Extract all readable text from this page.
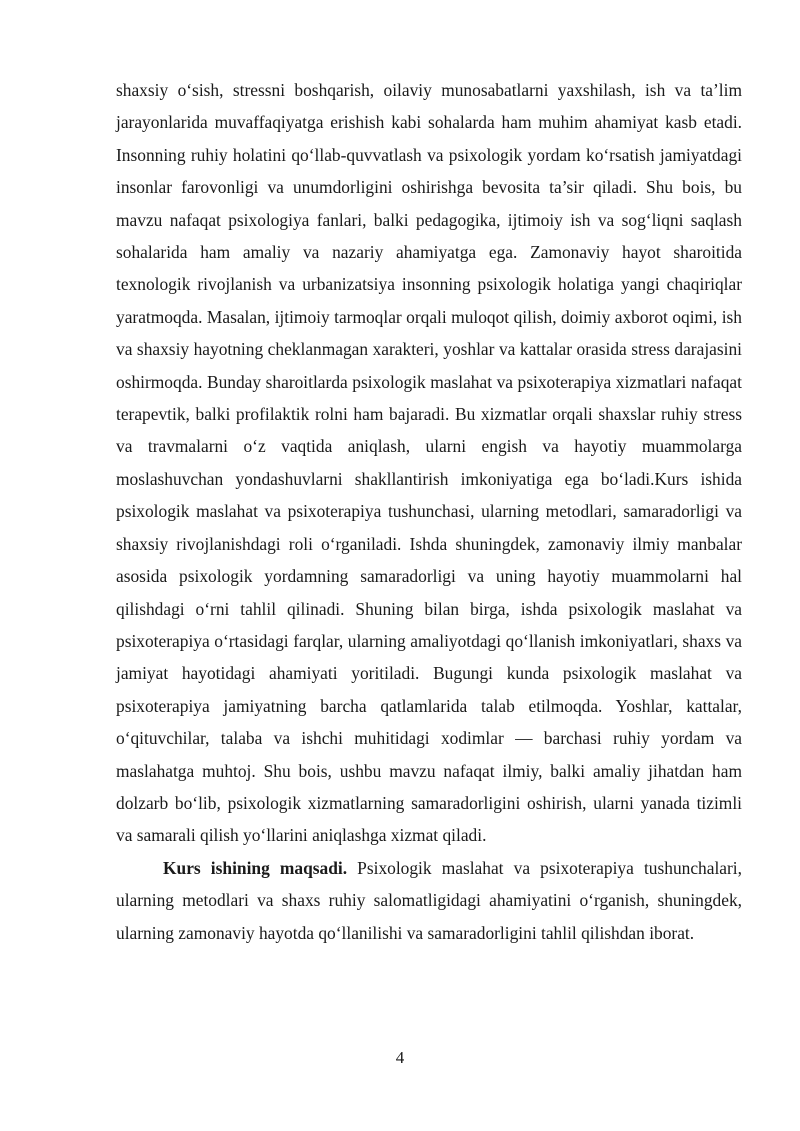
shaxsiy o‘sish, stressni boshqarish, oilaviy munosabatlarni yaxshilash, ish va ta’lim jarayonlarida muvaffaqiyatga erishish kabi sohalarda ham muhim ahamiyat kasb etadi. Insonning ruhiy holatini qo‘llab-quvvatlash va psixologik yordam ko‘rsatish jamiyatdagi insonlar farovonligi va unumdorligini oshirishga bevosita ta’sir qiladi. Shu bois, bu mavzu nafaqat psixologiya fanlari, balki pedagogika, ijtimoiy ish va sog‘liqni saqlash sohalarida ham amaliy va nazariy ahamiyatga ega. Zamonaviy hayot sharoitida texnologik rivojlanish va urbanizatsiya insonning psixologik holatiga yangi chaqiriqlar yaratmoqda. Masalan, ijtimoiy tarmoqlar orqali muloqot qilish, doimiy axborot oqimi, ish va shaxsiy hayotning cheklanmagan xarakteri, yoshlar va kattalar orasida stress darajasini oshirmoqda. Bunday sharoitlarda psixologik maslahat va psixoterapiya xizmatlari nafaqat terapevtik, balki profilaktik rolni ham bajaradi. Bu xizmatlar orqali shaxslar ruhiy stress va travmalarni o‘z vaqtida aniqlash, ularni engish va hayotiy muammolarga moslashuvchan yondashuvlarni shakllantirish imkoniyatiga ega bo‘ladi.Kurs ishida psixologik maslahat va psixoterapiya tushunchasi, ularning metodlari, samaradorligi va shaxsiy rivojlanishdagi roli o‘rganiladi. Ishda shuningdek, zamonaviy ilmiy manbalar asosida psixologik yordamning samaradorligi va uning hayotiy muammolarni hal qilishdagi o‘rni tahlil qilinadi. Shuning bilan birga, ishda psixologik maslahat va psixoterapiya o‘rtasidagi farqlar, ularning amaliyotdagi qo‘llanish imkoniyatlari, shaxs va jamiyat hayotidagi ahamiyati yoritiladi. Bugungi kunda psixologik maslahat va psixoterapiya jamiyatning barcha qatlamlarida talab etilmoqda. Yoshlar, kattalar, o‘qituvchilar, talaba va ishchi muhitidagi xodimlar — barchasi ruhiy yordam va maslahatga muhtoj. Shu bois, ushbu mavzu nafaqat ilmiy, balki amaliy jihatdan ham dolzarb bo‘lib, psixologik xizmatlarning samaradorligini oshirish, ularni yanada tizimli va samarali qilish yo‘llarini aniqlashga xizmat qiladi.

Kurs ishining maqsadi. Psixologik maslahat va psixoterapiya tushunchalari, ularning metodlari va shaxs ruhiy salomatligidagi ahamiyatini o‘rganish, shuningdek, ularning zamonaviy hayotda qo‘llanilishi va samaradorligini tahlil qilishdan iborat.

4
